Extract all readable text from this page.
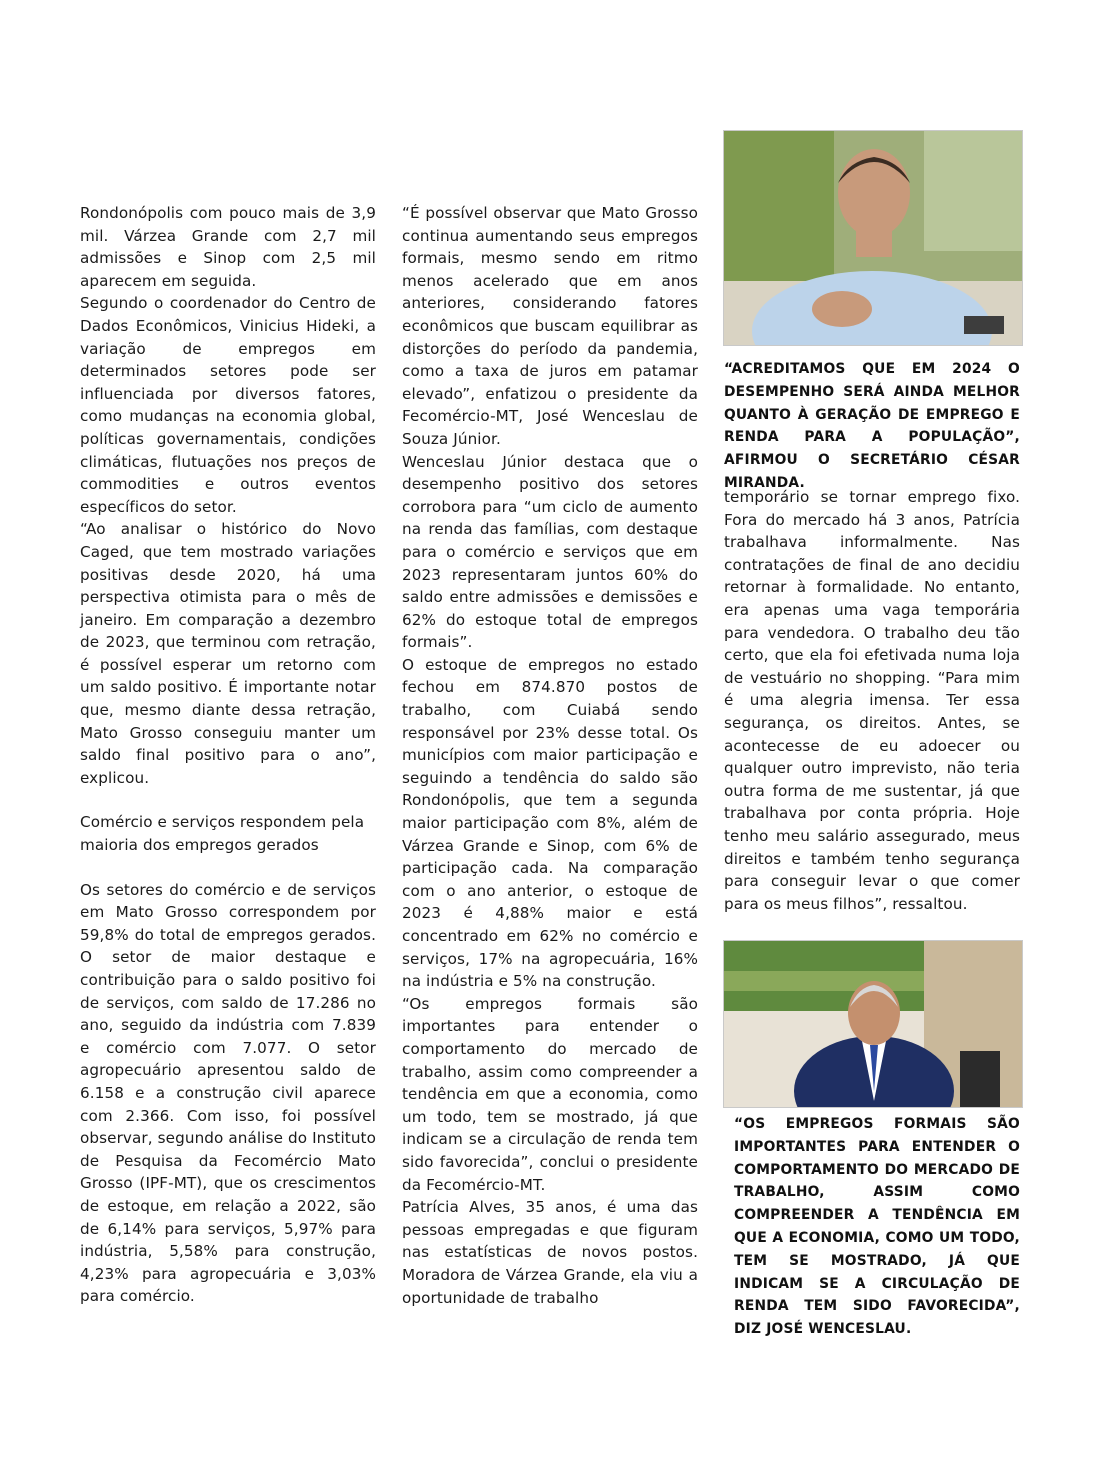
Rondonópolis com pouco mais de 3,9 mil. Várzea Grande com 2,7 mil admissões e Sinop com 2,5 mil aparecem em seguida.

Segundo o coordenador do Centro de Dados Econômicos, Vinicius Hideki, a variação de empregos em determinados setores pode ser influenciada por diversos fatores, como mudanças na economia global, políticas governamentais, condições climáticas, flutuações nos preços de commodities e outros eventos específicos do setor.

“Ao analisar o histórico do Novo Caged, que tem mostrado variações positivas desde 2020, há uma perspectiva otimista para o mês de janeiro. Em comparação a dezembro de 2023, que terminou com retração, é possível esperar um retorno com um saldo positivo. É importante notar que, mesmo diante dessa retração, Mato Grosso conseguiu manter um saldo final positivo para o ano”, explicou.

Comércio e serviços respondem pela maioria dos empregos gerados

Os setores do comércio e de serviços em Mato Grosso correspondem por 59,8% do total de empregos gerados. O setor de maior destaque e contribuição para o saldo positivo foi de serviços, com saldo de 17.286 no ano, seguido da indústria com 7.839 e comércio com 7.077. O setor agropecuário apresentou saldo de 6.158 e a construção civil aparece com 2.366. Com isso, foi possível observar, segundo análise do Instituto de Pesquisa da Fecomércio Mato Grosso (IPF-MT), que os crescimentos de estoque, em relação a 2022, são de 6,14% para serviços, 5,97% para indústria, 5,58% para construção, 4,23% para agropecuária e 3,03% para comércio.

“É possível observar que Mato Grosso continua aumentando seus empregos formais, mesmo sendo em ritmo menos acelerado que em anos anteriores, considerando fatores econômicos que buscam equilibrar as distorções do período da pandemia, como a taxa de juros em patamar elevado”, enfatizou o presidente da Fecomércio-MT, José Wenceslau de Souza Júnior.

Wenceslau Júnior destaca que o desempenho positivo dos setores corrobora para “um ciclo de aumento na renda das famílias, com destaque para o comércio e serviços que em 2023 representaram juntos 60% do saldo entre admissões e demissões e 62% do estoque total de empregos formais”.

O estoque de empregos no estado fechou em 874.870 postos de trabalho, com Cuiabá sendo responsável por 23% desse total. Os municípios com maior participação e seguindo a tendência do saldo são Rondonópolis, que tem a segunda maior participação com 8%, além de Várzea Grande e Sinop, com 6% de participação cada. Na comparação com o ano anterior, o estoque de 2023 é 4,88% maior e está concentrado em 62% no comércio e serviços, 17% na agropecuária, 16% na indústria e 5% na construção.

“Os empregos formais são importantes para entender o comportamento do mercado de trabalho, assim como compreender a tendência em que a economia, como um todo, tem se mostrado, já que indicam se a circulação de renda tem sido favorecida”, conclui o presidente da Fecomércio-MT.

Patrícia Alves, 35 anos, é uma das pessoas empregadas e que figuram nas estatísticas de novos postos. Moradora de Várzea Grande, ela viu a oportunidade de trabalho

“ACREDITAMOS QUE EM 2024 O DESEMPENHO SERÁ AINDA MELHOR QUANTO À GERAÇÃO DE EMPREGO E RENDA PARA A POPULAÇÃO”, AFIRMOU O SECRETÁRIO CÉSAR MIRANDA.

temporário se tornar emprego fixo. Fora do mercado há 3 anos, Patrícia trabalhava informalmente. Nas contratações de final de ano decidiu retornar à formalidade. No entanto, era apenas uma vaga temporária para vendedora. O trabalho deu tão certo, que ela foi efetivada numa loja de vestuário no shopping. “Para mim é uma alegria imensa. Ter essa segurança, os direitos. Antes, se acontecesse de eu adoecer ou qualquer outro imprevisto, não teria outra forma de me sustentar, já que trabalhava por conta própria. Hoje tenho meu salário assegurado, meus direitos e também tenho segurança para conseguir levar o que comer para os meus filhos”, ressaltou.

“OS EMPREGOS FORMAIS SÃO IMPORTANTES PARA ENTENDER O COMPORTAMENTO DO MERCADO DE TRABALHO, ASSIM COMO COMPREENDER A TENDÊNCIA EM QUE A ECONOMIA, COMO UM TODO, TEM SE MOSTRADO, JÁ QUE INDICAM SE A CIRCULAÇÃO DE RENDA TEM SIDO FAVORECIDA”, DIZ JOSÉ WENCESLAU.
